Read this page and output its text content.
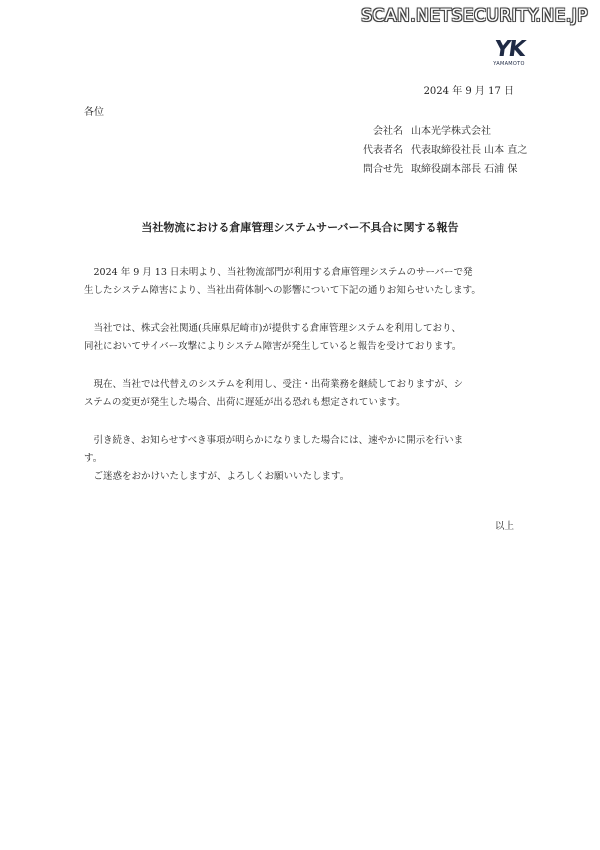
SCAN.NETSECURITY.NE.JP
YK
YAMAMOTO
2024 年 9 月 17 日
各位
会社名 山本光学株式会社
代表者名 代表取締役社長 山本 直之
問合せ先 取締役副本部長 石浦 保
当社物流における倉庫管理システムサーバー不具合に関する報告
　2024 年 9 月 13 日未明より、当社物流部門が利用する倉庫管理システムのサーバーで発
生したシステム障害により、当社出荷体制への影響について下記の通りお知らせいたします。
　当社では、株式会社関通(兵庫県尼崎市)が提供する倉庫管理システムを利用しており、
同社においてサイバー攻撃によりシステム障害が発生していると報告を受けております。
　現在、当社では代替えのシステムを利用し、受注・出荷業務を継続しておりますが、シ
ステムの変更が発生した場合、出荷に遅延が出る恐れも想定されています。
　引き続き、お知らせすべき事項が明らかになりました場合には、速やかに開示を行いま
す。
　ご迷惑をおかけいたしますが、よろしくお願いいたします。
以上
